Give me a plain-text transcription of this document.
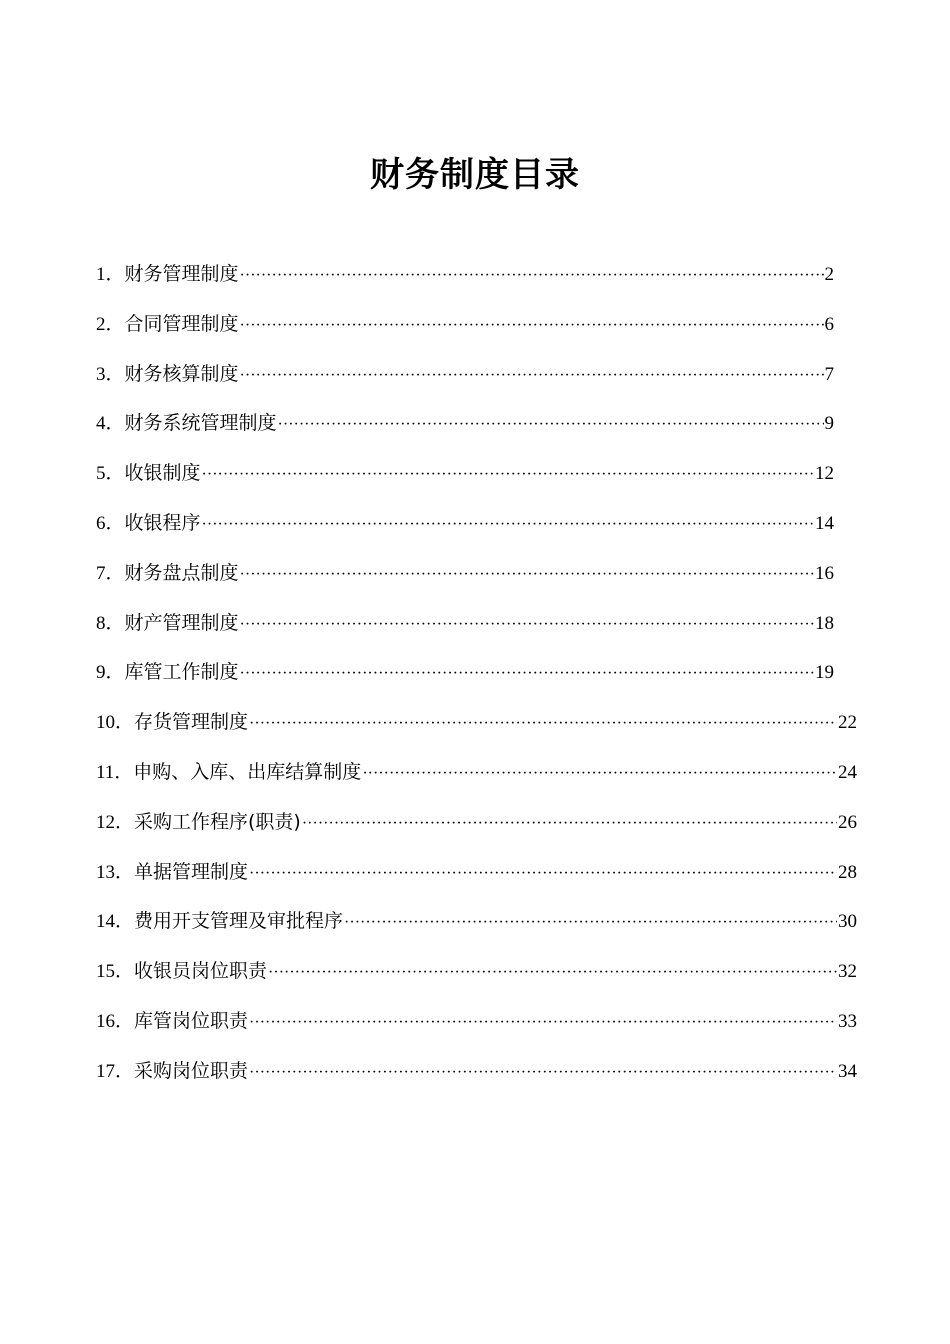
财务制度目录
1． 财务管理制度 ·····	2
2． 合同管理制度 ·····	6
3． 财务核算制度 ·····	7
4． 财务系统管理制度 ·····	9
5． 收银制度 ·····	12
6． 收银程序 ·····	14
7． 财务盘点制度 ·····	16
8． 财产管理制度 ·····	18
9． 库管工作制度 ·····	19
10． 存货管理制度 ·····	22
11． 申购、入库、出库结算制度 ·····	24
12． 采购工作程序(职责) ·····	26
13． 单据管理制度 ·····	28
14． 费用开支管理及审批程序 ·····	30
15． 收银员岗位职责 ·····	32
16． 库管岗位职责 ·····	33
17． 采购岗位职责 ·····	34
